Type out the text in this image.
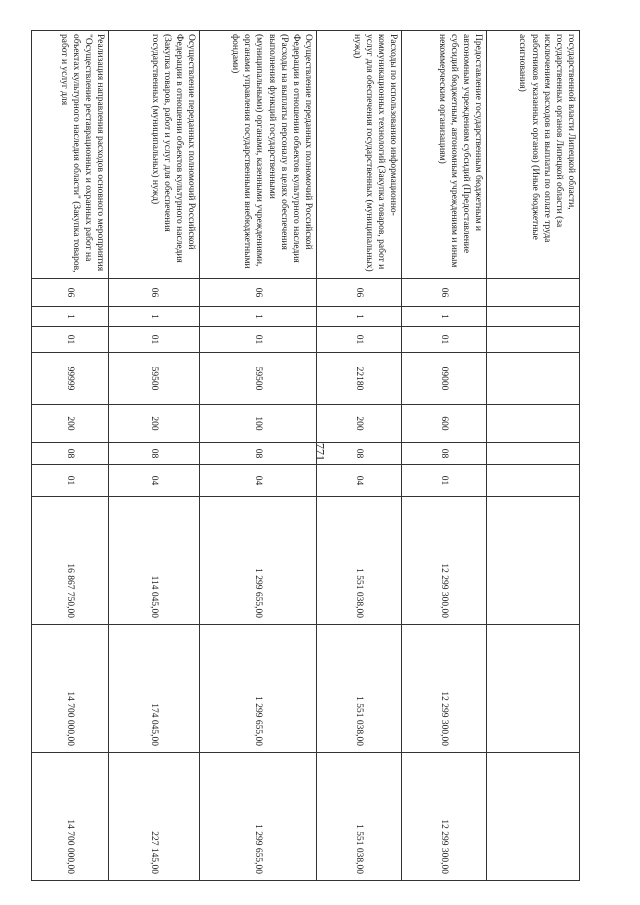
771
государственной власти Липецкой области, государственных органов Липецкой области (за исключением расходов на выплаты по оплате труда работников указанных органов) (Иные бюджетные ассигнования)										
Предоставление государственным бюджетным и автономным учреждениям субсидий (Предоставление субсидий бюджетным, автономным учреждениям и иным некоммерческим организациям)	06	1	01	09000	600	08	01	12 299 300,00	12 299 300,00	12 299 300,00
Расходы по использованию информационно-коммуникационных технологий (Закупка товаров, работ и услуг для обеспечения государственных (муниципальных) нужд)	06	1	01	22180	200	08	04	1 551 038,00	1 551 038,00	1 551 038,00
Осуществление переданных полномочий Российской Федерации в отношении объектов культурного наследия (Расходы на выплаты персоналу в целях обеспечения выполнения функций государственными (муниципальными) органами, казенными учреждениями, органами управления государственными внебюджетными фондами)	06	1	01	59500	100	08	04	1 299 655,00	1 299 655,00	1 299 655,00
Осуществление переданных полномочий Российской Федерации в отношении объектов культурного наследия (Закупка товаров, работ и услуг для обеспечения государственных (муниципальных) нужд)	06	1	01	59500	200	08	04	114 045,00	174 045,00	227 145,00
Реализация направления расходов основного мероприятия "Осуществление реставрационных и охранных работ на объектах культурного наследия области" (Закупка товаров, работ и услуг для	06	1	01	99999	200	08	01	16 867 750,00	14 700 000,00	14 700 000,00
